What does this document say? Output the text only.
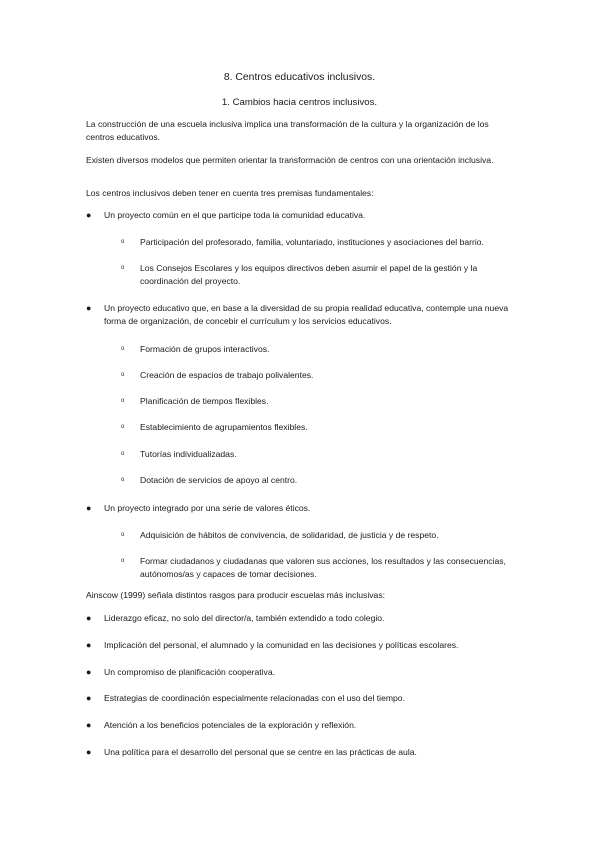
8. Centros educativos inclusivos.
1. Cambios hacia centros inclusivos.
La construcción de una escuela inclusiva implica una transformación de la cultura y la organización de los centros educativos.
Existen diversos modelos que permiten orientar la transformación de centros con una orientación inclusiva.
Los centros inclusivos deben tener en cuenta tres premisas fundamentales:
●	Un proyecto común en el que participe toda la comunidad educativa.
o	Participación del profesorado, familia, voluntariado, instituciones y asociaciones del barrio.
o	Los Consejos Escolares y los equipos directivos deben asumir el papel de la gestión y la coordinación del proyecto.
●	Un proyecto educativo que, en base a la diversidad de su propia realidad educativa, contemple una nueva forma de organización, de concebir el currículum y los servicios educativos.
o	Formación de grupos interactivos.
o	Creación de espacios de trabajo polivalentes.
o	Planificación de tiempos flexibles.
o	Establecimiento de agrupamientos flexibles.
o	Tutorías individualizadas.
o	Dotación de servicios de apoyo al centro.
●	Un proyecto integrado por una serie de valores éticos.
o	Adquisición de hábitos de convivencia, de solidaridad, de justicia y de respeto.
o	Formar ciudadanos y ciudadanas que valoren sus acciones, los resultados y las consecuencias, autónomos/as y capaces de tomar decisiones.
Ainscow (1999) señala distintos rasgos para producir escuelas más inclusivas:
●	Liderazgo eficaz, no solo del director/a, también extendido a todo colegio.
●	Implicación del personal, el alumnado y la comunidad en las decisiones y políticas escolares.
●	Un compromiso de planificación cooperativa.
●	Estrategias de coordinación especialmente relacionadas con el uso del tiempo.
●	Atención a los beneficios potenciales de la exploración y reflexión.
●	Una política para el desarrollo del personal que se centre en las prácticas de aula.
